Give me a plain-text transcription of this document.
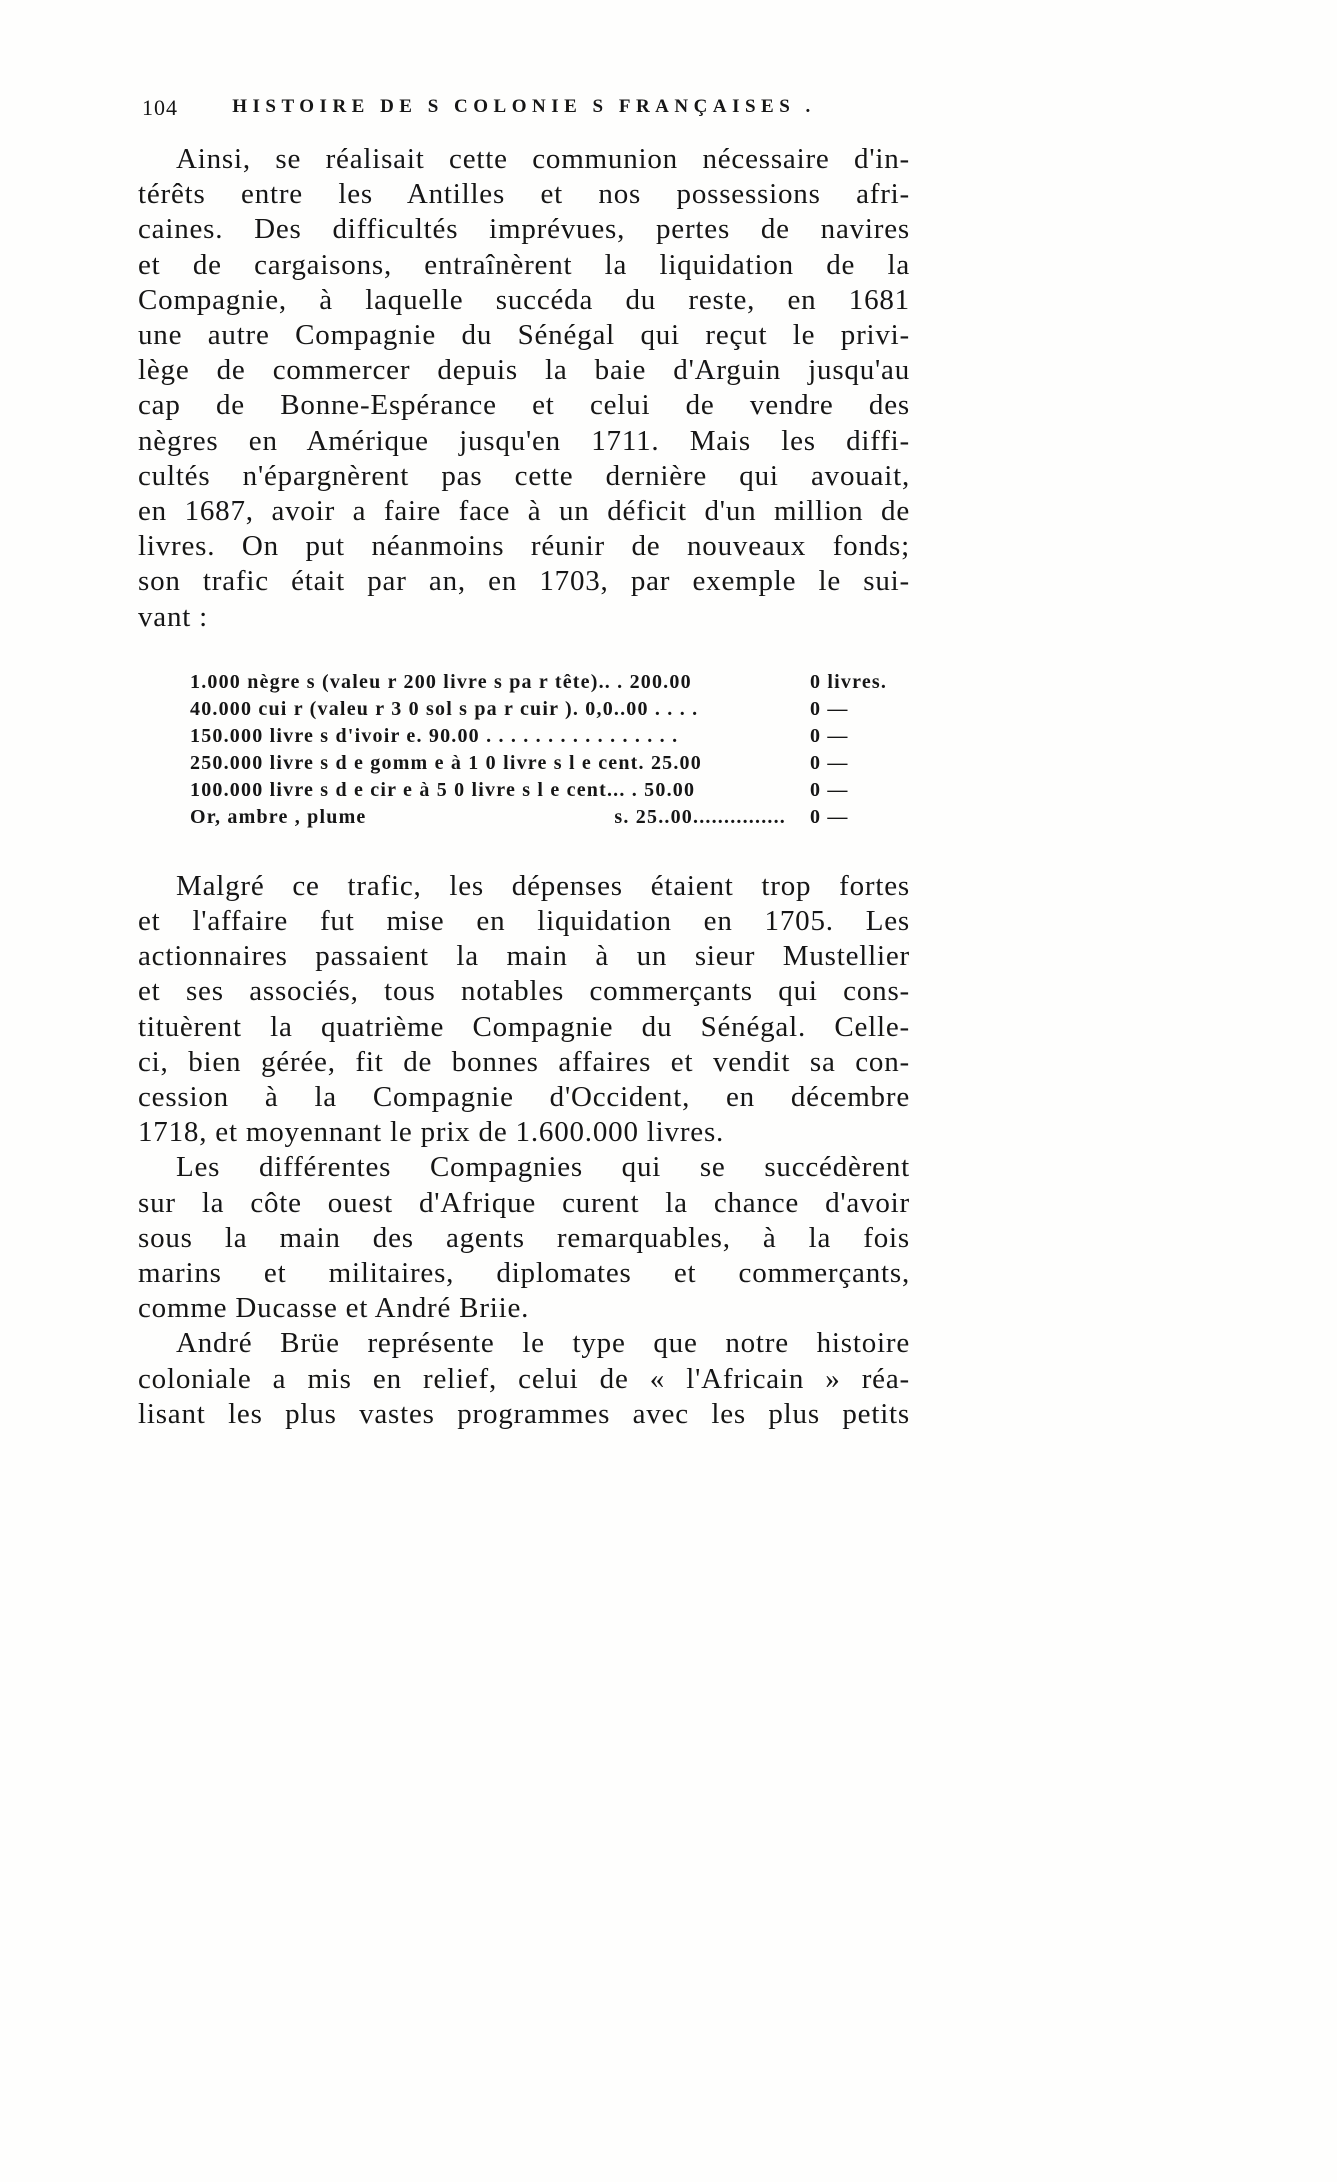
104	HISTOIRE DE S COLONIE S FRANÇAISES .
Ainsi, se réalisait cette communion nécessaire d'in-
térêts entre les Antilles et nos possessions afri-
caines. Des difficultés imprévues, pertes de navires
et de cargaisons, entraînèrent la liquidation de la
Compagnie, à laquelle succéda du reste, en 1681
une autre Compagnie du Sénégal qui reçut le privi-
lège de commercer depuis la baie d'Arguin jusqu'au
cap de Bonne-Espérance et celui de vendre des
nègres en Amérique jusqu'en 1711. Mais les diffi-
cultés n'épargnèrent pas cette dernière qui avouait,
en 1687, avoir a faire face à un déficit d'un million de
livres. On put néanmoins réunir de nouveaux fonds;
son trafic était par an, en 1703, par exemple le sui-
vant :
1.000 nègre s (valeu r 200 livre s pa r tête).. . 200.00	0 livres.
40.000 cui r (valeu r 3 0 sol s pa r cuir ). 0,0..00 . . . .	0 —
150.000 livre s d'ivoir e. 90.00 . . . . . . . . . . . . . . . .	0 —
250.000 livre s d e gomm e à 1 0 livre s l e cent. 25.00	0 —
100.000 livre s d e cir e à 5 0 livre s l e cent... . 50.00	0 —
Or, ambre , plume	s. 25..00............... 0 —
Malgré ce trafic, les dépenses étaient trop fortes
et l'affaire fut mise en liquidation en 1705. Les
actionnaires passaient la main à un sieur Mustellier
et ses associés, tous notables commerçants qui cons-
tituèrent la quatrième Compagnie du Sénégal. Celle-
ci, bien gérée, fit de bonnes affaires et vendit sa con-
cession à la Compagnie d'Occident, en décembre
1718, et moyennant le prix de 1.600.000 livres.
Les différentes Compagnies qui se succédèrent
sur la côte ouest d'Afrique curent la chance d'avoir
sous la main des agents remarquables, à la fois
marins et militaires, diplomates et commerçants,
comme Ducasse et André Briie.
André Brüe représente le type que notre histoire
coloniale a mis en relief, celui de « l'Africain » réa-
lisant les plus vastes programmes avec les plus petits
